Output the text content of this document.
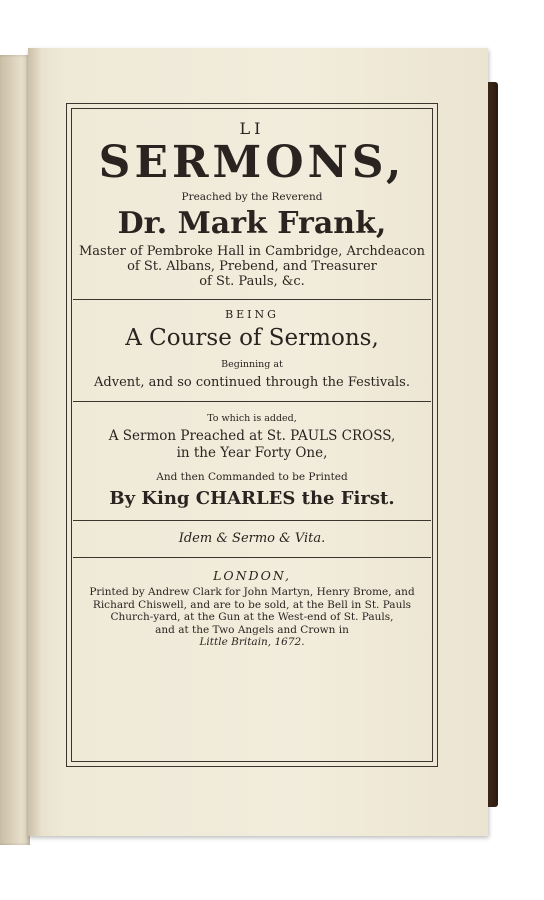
LI
SERMONS,
Preached by the Reverend
Dr. Mark Frank,
Master of Pembroke Hall in Cambridge, Archdeacon
of St. Albans, Prebend, and Treasurer
of St. Pauls, &c.
BEING
A Course of Sermons,
Beginning at
Advent, and so continued through the Festivals.
To which is added,
A Sermon Preached at St. PAULS CROSS,
in the Year Forty One,
And then Commanded to be Printed
By King CHARLES the First.
Idem & Sermo & Vita.
LONDON,
Printed by Andrew Clark for John Martyn, Henry Brome, and
Richard Chiswell, and are to be sold, at the Bell in St. Pauls
Church-yard, at the Gun at the West-end of St. Pauls,
and at the Two Angels and Crown in
Little Britain, 1672.
